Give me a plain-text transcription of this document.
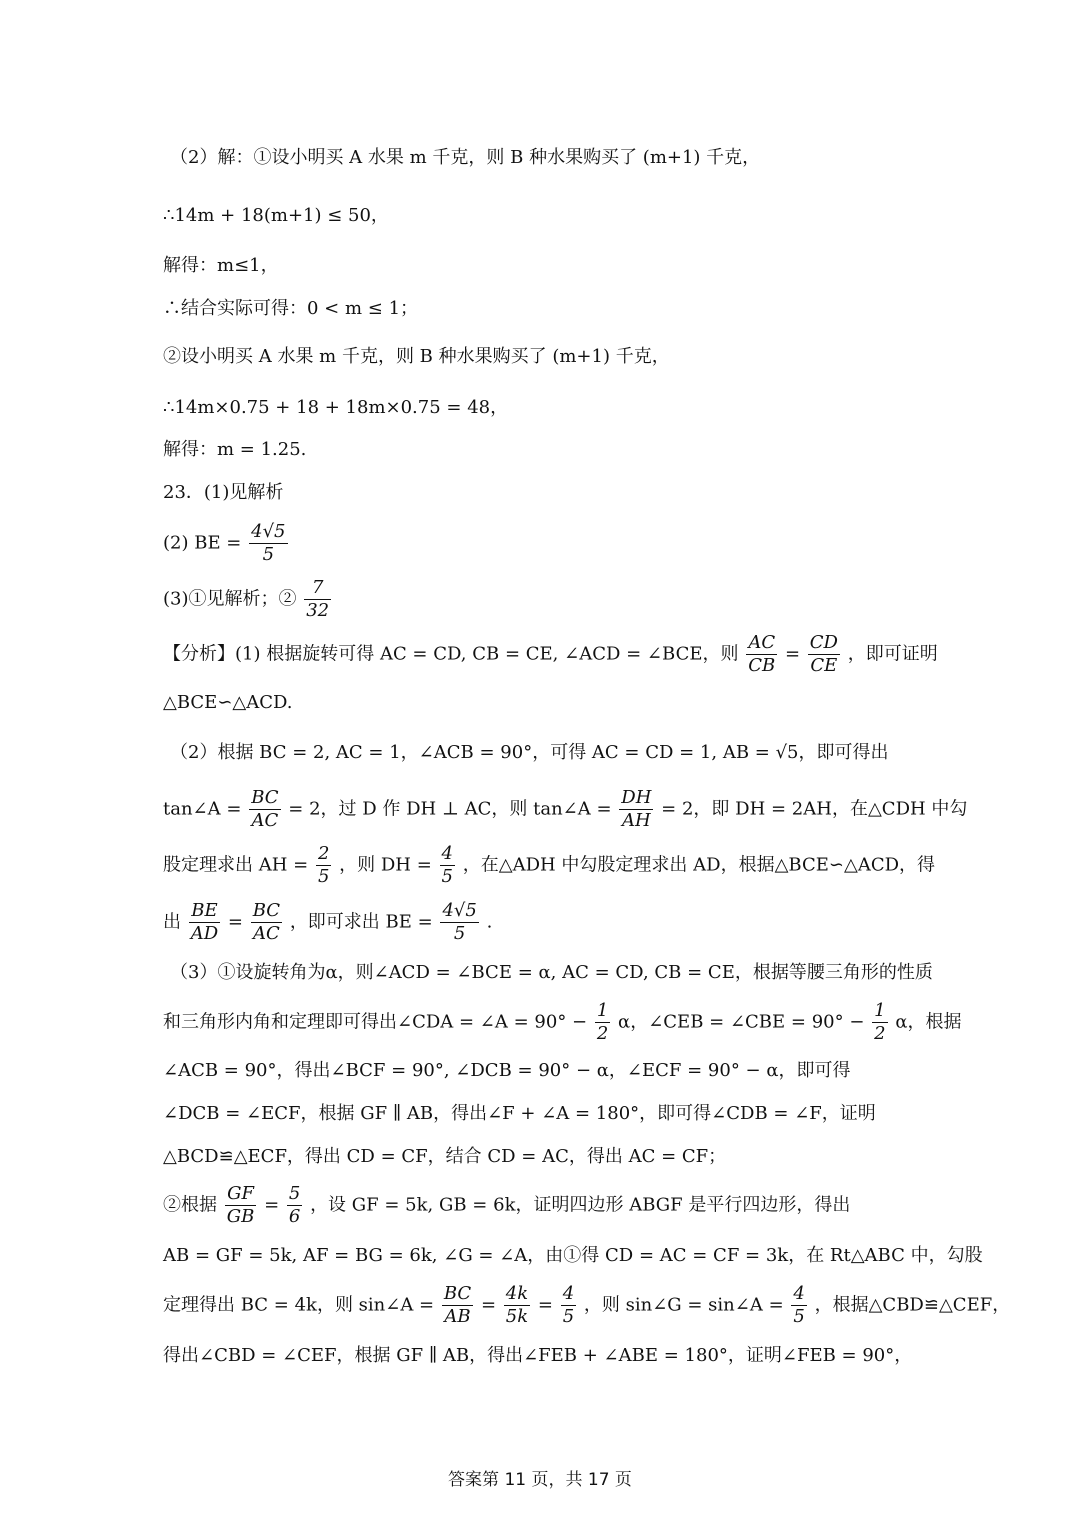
（2）解：①设小明买 A 水果 m 千克，则 B 种水果购买了 (m+1) 千克，
∴14m + 18(m+1) ≤ 50，
解得：m≤1，
∴结合实际可得：0 < m ≤ 1；
②设小明买 A 水果 m 千克，则 B 种水果购买了 (m+1) 千克，
∴14m×0.75 + 18 + 18m×0.75 = 48，
解得：m = 1.25.
23．(1)见解析
(2) BE = $\frac{4√5}{5}$
(3)①见解析；② $\frac{7}{32}$
【分析】(1) 根据旋转可得 AC = CD, CB = CE, ∠ACD = ∠BCE，则 $\frac{AC}{CB} = \frac{CD}{CE}$ ，即可证明
△BCE∽△ACD.
（2）根据 BC = 2, AC = 1，∠ACB = 90°，可得 AC = CD = 1, AB = √5，即可得出
tan∠A = $\frac{BC}{AC} = 2$，过 D 作 DH ⊥ AC，则 tan∠A = $\frac{DH}{AH} = 2$，即 DH = 2AH，在△CDH 中勾
股定理求出 AH = $\frac{2}{5}$ ，则 DH = $\frac{4}{5}$ ，在△ADH 中勾股定理求出 AD，根据△BCE∽△ACD，得
出 $\frac{BE}{AD} = \frac{BC}{AC}$ ，即可求出 BE = $\frac{4√5}{5}$ .
（3）①设旋转角为α，则∠ACD = ∠BCE = α, AC = CD, CB = CE，根据等腰三角形的性质
和三角形内角和定理即可得出∠CDA = ∠A = $90^\circ - \frac{1}{2}$ α，∠CEB = ∠CBE = $90^\circ - \frac{1}{2}$ α，根据
∠ACB = 90°，得出∠BCF = 90°, ∠DCB = 90° − α，∠ECF = 90° − α，即可得
∠DCB = ∠ECF，根据 GF ∥ AB，得出∠F + ∠A = 180°，即可得∠CDB = ∠F，证明
△BCD≌△ECF，得出 CD = CF，结合 CD = AC，得出 AC = CF；
②根据 $\frac{GF}{GB} = \frac{5}{6}$ ，设 GF = 5k, GB = 6k，证明四边形 ABGF 是平行四边形，得出
AB = GF = 5k, AF = BG = 6k, ∠G = ∠A，由①得 CD = AC = CF = 3k，在 Rt△ABC 中，勾股
定理得出 BC = 4k，则 sin∠A = $\frac{BC}{AB} = \frac{4k}{5k} = \frac{4}{5}$ ，则 sin∠G = sin∠A = $\frac{4}{5}$ ，根据△CBD≌△CEF，
得出∠CBD = ∠CEF，根据 GF ∥ AB，得出∠FEB + ∠ABE = 180°，证明∠FEB = 90°，
答案第 11 页，共 17 页
